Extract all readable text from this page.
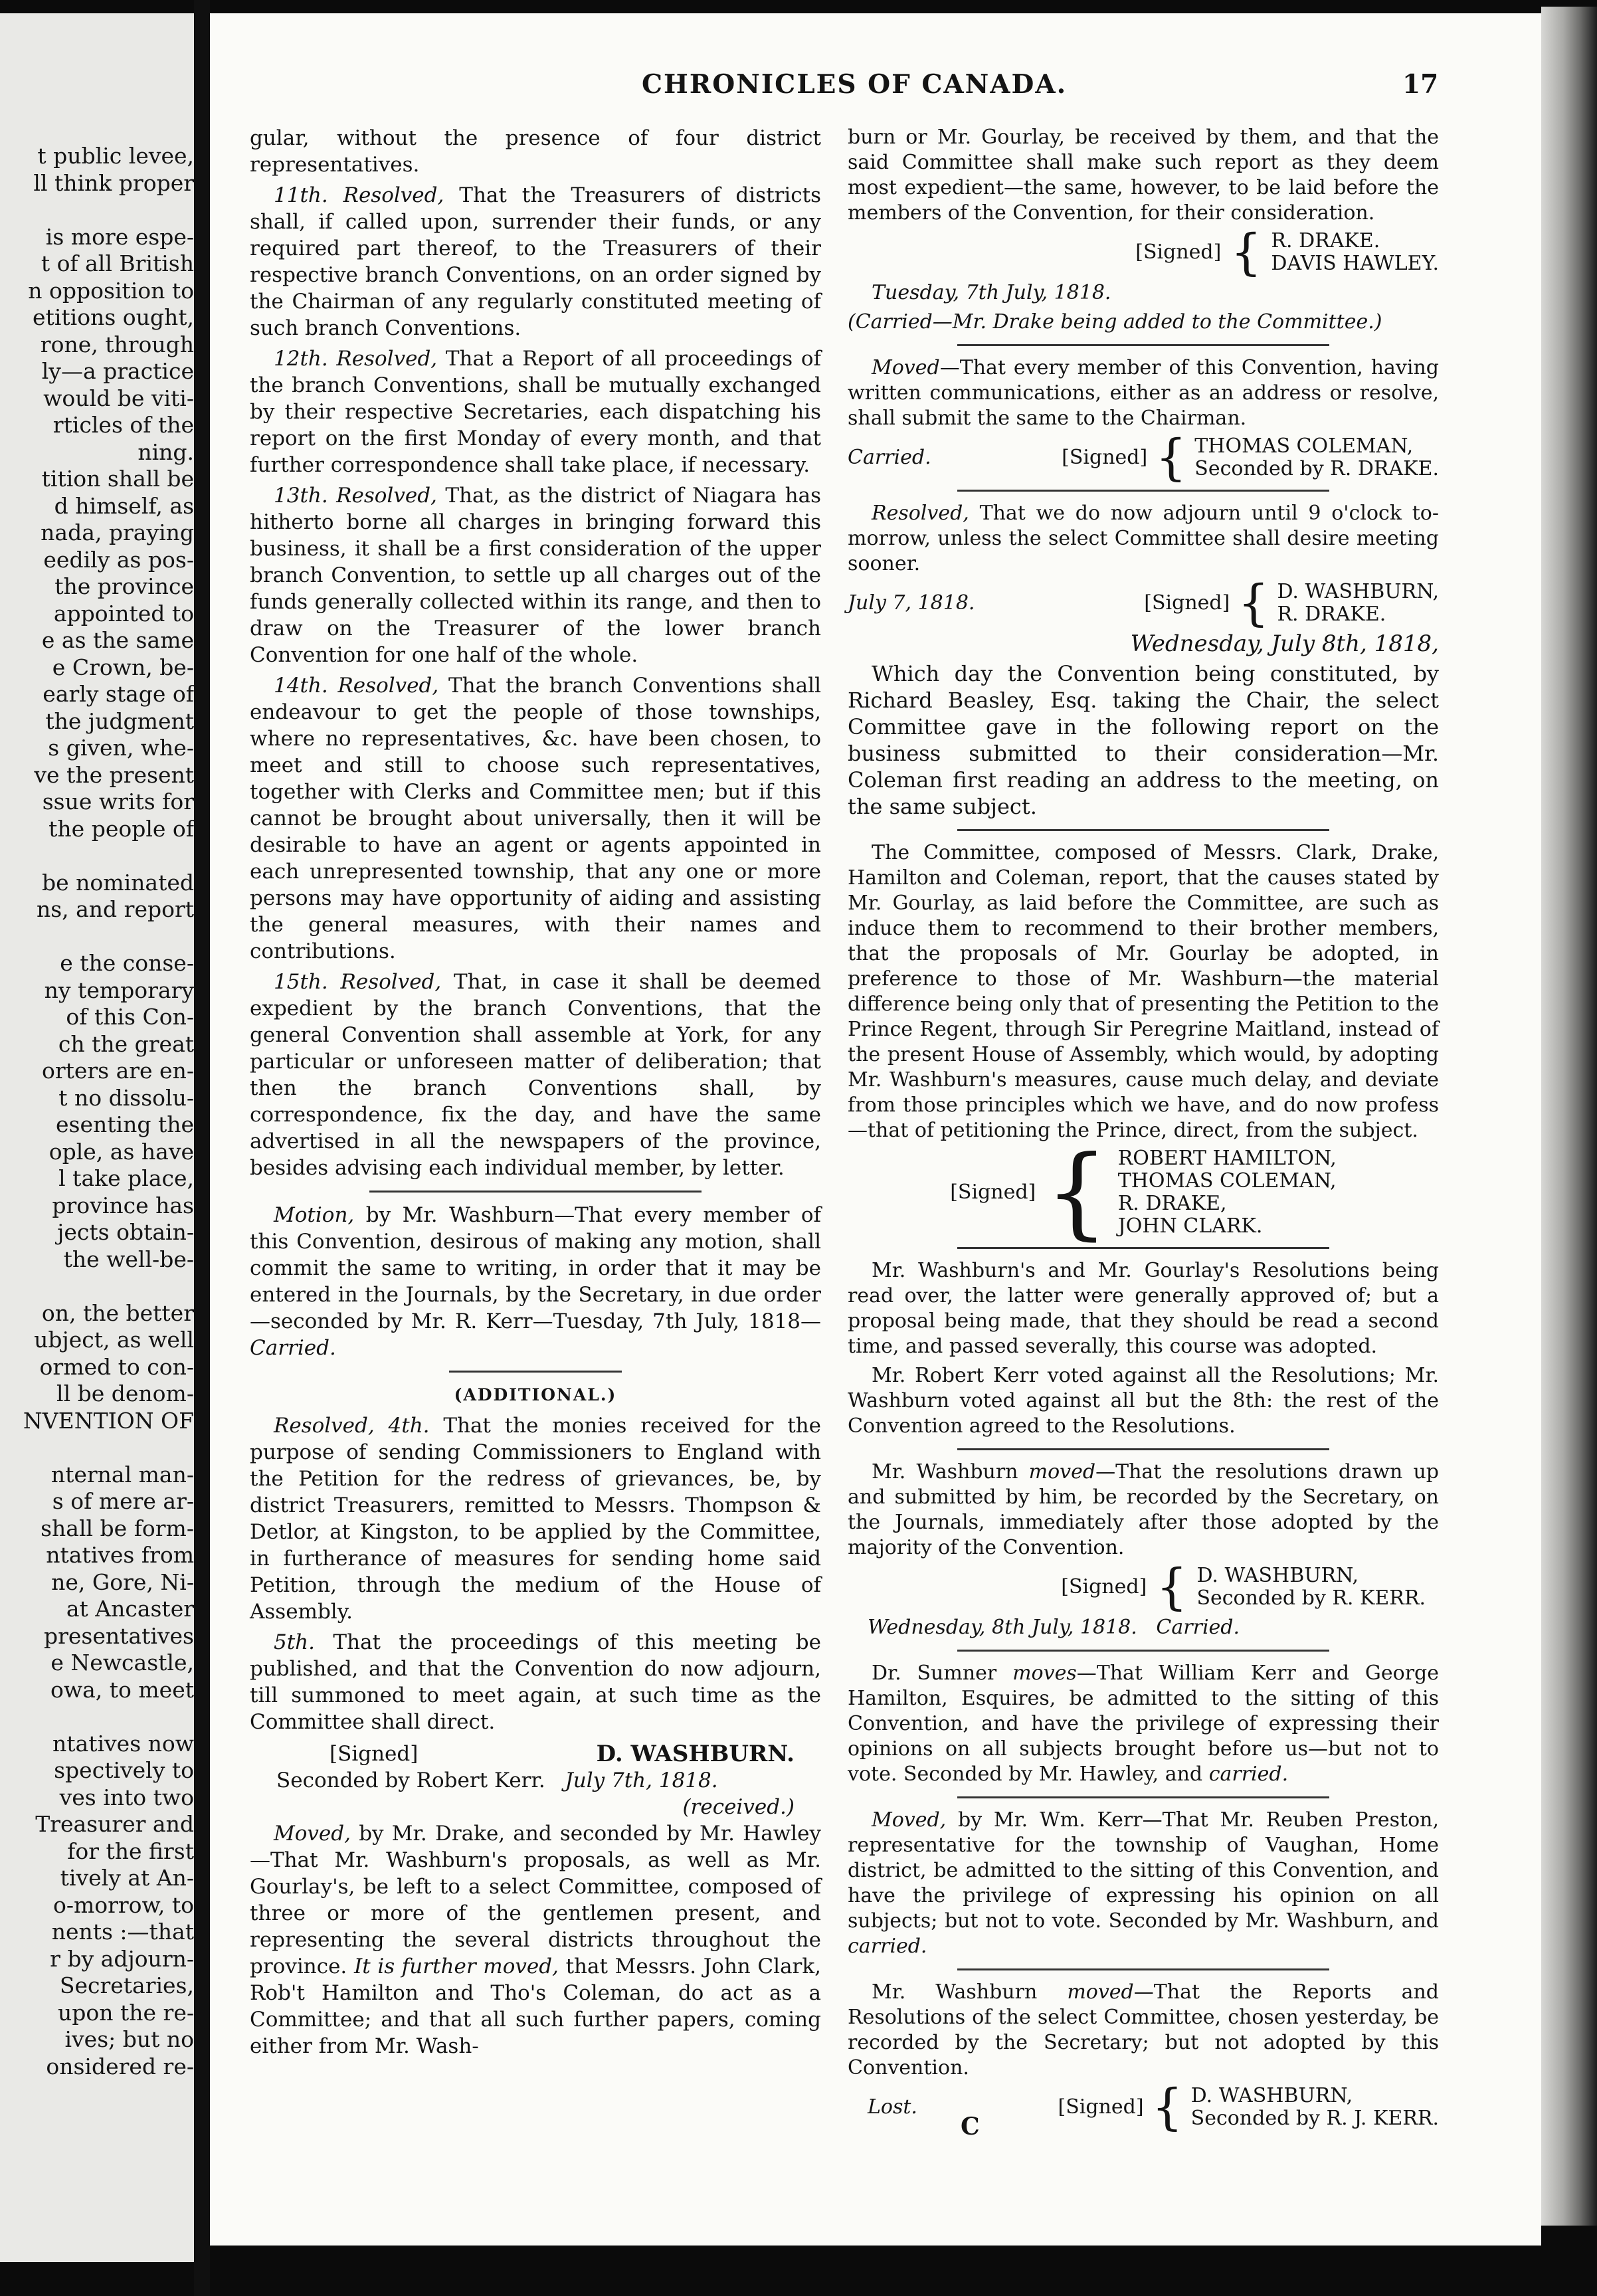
t public levee,
ll think proper
is more espe-
t of all British
n opposition to
etitions ought,
rone, through
ly—a practice
would be viti-
rticles of the
ning.
tition shall be
d himself, as
nada, praying
eedily as pos-
the province
appointed to
e as the same
e Crown, be-
early stage of
the judgment
s given, whe-
ve the present
ssue writs for
the people of
be nominated
ns, and report
e the conse-
ny temporary
of this Con-
ch the great
orters are en-
t no dissolu-
esenting the
ople, as have
l take place,
province has
jects obtain-
the well-be-
on, the better
ubject, as well
ormed to con-
ll be denom-
NVENTION OF
nternal man-
s of mere ar-
shall be form-
ntatives from
ne, Gore, Ni-
at Ancaster
presentatives
e Newcastle,
owa, to meet
ntatives now
spectively to
ves into two
Treasurer and
for the first
tively at An-
o-morrow, to
nents :—that
r by adjourn-
Secretaries,
upon the re-
ives; but no
onsidered re-
CHRONICLES OF CANADA.	17

gular, without the presence of four district representatives.

11th. Resolved, That the Treasurers of districts shall, if called upon, surrender their funds, or any required part thereof, to the Treasurers of their respective branch Conventions, on an order signed by the Chairman of any regularly constituted meeting of such branch Conventions.

12th. Resolved, That a Report of all proceedings of the branch Conventions, shall be mutually exchanged by their respective Secretaries, each dispatching his report on the first Monday of every month, and that further correspondence shall take place, if necessary.

13th. Resolved, That, as the district of Niagara has hitherto borne all charges in bringing forward this business, it shall be a first consideration of the upper branch Convention, to settle up all charges out of the funds generally collected within its range, and then to draw on the Treasurer of the lower branch Convention for one half of the whole.

14th. Resolved, That the branch Conventions shall endeavour to get the people of those townships, where no representatives, &c. have been chosen, to meet and still to choose such representatives, together with Clerks and Committee men; but if this cannot be brought about universally, then it will be desirable to have an agent or agents appointed in each unrepresented township, that any one or more persons may have opportunity of aiding and assisting the general measures, with their names and contributions.

15th. Resolved, That, in case it shall be deemed expedient by the branch Conventions, that the general Convention shall assemble at York, for any particular or unforeseen matter of deliberation; that then the branch Conventions shall, by correspondence, fix the day, and have the same advertised in all the newspapers of the province, besides advising each individual member, by letter.

Motion, by Mr. Washburn—That every member of this Convention, desirous of making any motion, shall commit the same to writing, in order that it may be entered in the Journals, by the Secretary, in due order—seconded by Mr. R. Kerr—Tuesday, 7th July, 1818—Carried.

(ADDITIONAL.)

Resolved, 4th. That the monies received for the purpose of sending Commissioners to England with the Petition for the redress of grievances, be, by district Treasurers, remitted to Messrs. Thompson & Detlor, at Kingston, to be applied by the Committee, in furtherance of measures for sending home said Petition, through the medium of the House of Assembly.

5th. That the proceedings of this meeting be published, and that the Convention do now adjourn, till summoned to meet again, at such time as the Committee shall direct.

[Signed]	D. WASHBURN.

Seconded by Robert Kerr. July 7th, 1818.

(received.)

Moved, by Mr. Drake, and seconded by Mr. Hawley —That Mr. Washburn's proposals, as well as Mr. Gourlay's, be left to a select Committee, composed of three or more of the gentlemen present, and representing the several districts throughout the province. It is further moved, that Messrs. John Clark, Rob't Hamilton and Tho's Coleman, do act as a Committee; and that all such further papers, coming either from Mr. Wash-

burn or Mr. Gourlay, be received by them, and that the said Committee shall make such report as they deem most expedient—the same, however, to be laid before the members of the Convention, for their consideration.

[Signed] { R. DRAKE.
DAVIS HAWLEY.

Tuesday, 7th July, 1818.

(Carried—Mr. Drake being added to the Committee.)

Moved—That every member of this Convention, having written communications, either as an address or resolve, shall submit the same to the Chairman.

Carried.	[Signed] { THOMAS COLEMAN,
Seconded by R. DRAKE.

Resolved, That we do now adjourn until 9 o'clock to-morrow, unless the select Committee shall desire meeting sooner.

July 7, 1818.	[Signed] { D. WASHBURN,
R. DRAKE.

Wednesday, July 8th, 1818,

Which day the Convention being constituted, by Richard Beasley, Esq. taking the Chair, the select Committee gave in the following report on the business submitted to their consideration—Mr. Coleman first reading an address to the meeting, on the same subject.

The Committee, composed of Messrs. Clark, Drake, Hamilton and Coleman, report, that the causes stated by Mr. Gourlay, as laid before the Committee, are such as induce them to recommend to their brother members, that the proposals of Mr. Gourlay be adopted, in preference to those of Mr. Washburn—the material difference being only that of presenting the Petition to the Prince Regent, through Sir Peregrine Maitland, instead of the present House of Assembly, which would, by adopting Mr. Washburn's measures, cause much delay, and deviate from those principles which we have, and do now profess—that of petitioning the Prince, direct, from the subject.

[Signed] { ROBERT HAMILTON,
THOMAS COLEMAN,
R. DRAKE,
JOHN CLARK.

Mr. Washburn's and Mr. Gourlay's Resolutions being read over, the latter were generally approved of; but a proposal being made, that they should be read a second time, and passed severally, this course was adopted.

Mr. Robert Kerr voted against all the Resolutions; Mr. Washburn voted against all but the 8th: the rest of the Convention agreed to the Resolutions.

Mr. Washburn moved—That the resolutions drawn up and submitted by him, be recorded by the Secretary, on the Journals, immediately after those adopted by the majority of the Convention.

[Signed] { D. WASHBURN,
Seconded by R. KERR.

Wednesday, 8th July, 1818. Carried.

Dr. Sumner moves—That William Kerr and George Hamilton, Esquires, be admitted to the sitting of this Convention, and have the privilege of expressing their opinions on all subjects brought before us—but not to vote. Seconded by Mr. Hawley, and carried.

Moved, by Mr. Wm. Kerr—That Mr. Reuben Preston, representative for the township of Vaughan, Home district, be admitted to the sitting of this Convention, and have the privilege of expressing his opinion on all subjects; but not to vote. Seconded by Mr. Washburn, and carried.

Mr. Washburn moved—That the Reports and Resolutions of the select Committee, chosen yesterday, be recorded by the Secretary; but not adopted by this Convention.

Lost.	[Signed] { D. WASHBURN,
Seconded by R. J. KERR.
C
